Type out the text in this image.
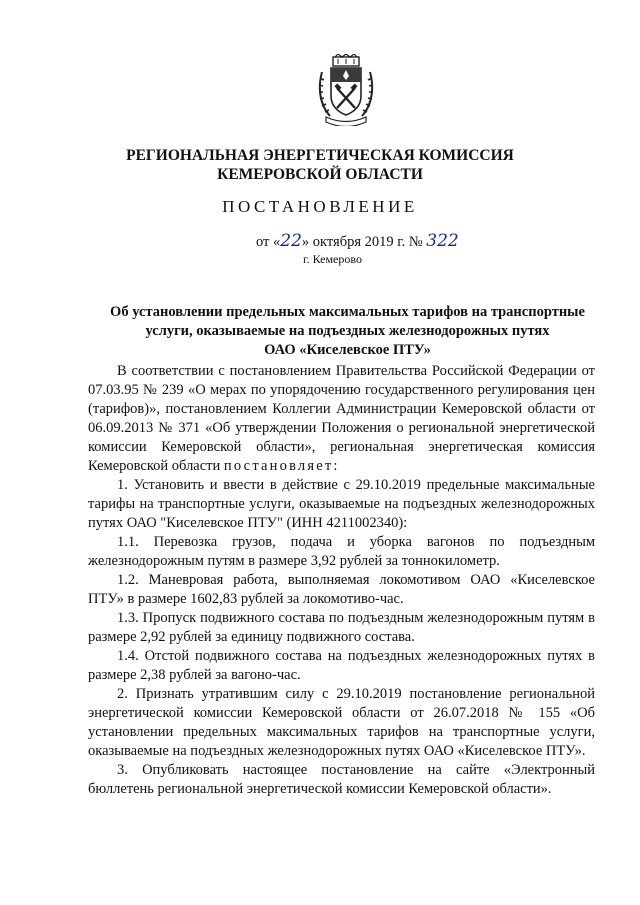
РЕГИОНАЛЬНАЯ ЭНЕРГЕТИЧЕСКАЯ КОМИССИЯ
КЕМЕРОВСКОЙ ОБЛАСТИ
ПОСТАНОВЛЕНИЕ
от «22» октября 2019 г. № 322
г. Кемерово
Об установлении предельных максимальных тарифов на транспортные
услуги, оказываемые на подъездных железнодорожных путях
ОАО «Киселевское ПТУ»

В соответствии с постановлением Правительства Российской Федерации от 07.03.95 № 239 «О мерах по упорядочению государственного регулирования цен (тарифов)», постановлением Коллегии Администрации Кемеровской области от 06.09.2013 № 371 «Об утверждении Положения о региональной энергетической комиссии Кемеровской области», региональная энергетическая комиссия Кемеровской области постановляет:

1. Установить и ввести в действие с 29.10.2019 предельные максимальные тарифы на транспортные услуги, оказываемые на подъездных железнодорожных путях ОАО "Киселевское ПТУ" (ИНН 4211002340):

1.1. Перевозка грузов, подача и уборка вагонов по подъездным железнодорожным путям в размере 3,92 рублей за тоннокилометр.

1.2. Маневровая работа, выполняемая локомотивом ОАО «Киселевское ПТУ» в размере 1602,83 рублей за локомотиво-час.

1.3. Пропуск подвижного состава по подъездным железнодорожным путям в размере 2,92 рублей за единицу подвижного состава.

1.4. Отстой подвижного состава на подъездных железнодорожных путях в размере 2,38 рублей за вагоно-час.

2. Признать утратившим силу с 29.10.2019 постановление региональной энергетической комиссии Кемеровской области от 26.07.2018 № 155 «Об установлении предельных максимальных тарифов на транспортные услуги, оказываемые на подъездных железнодорожных путях ОАО «Киселевское ПТУ».

3. Опубликовать настоящее постановление на сайте «Электронный бюллетень региональной энергетической комиссии Кемеровской области».
